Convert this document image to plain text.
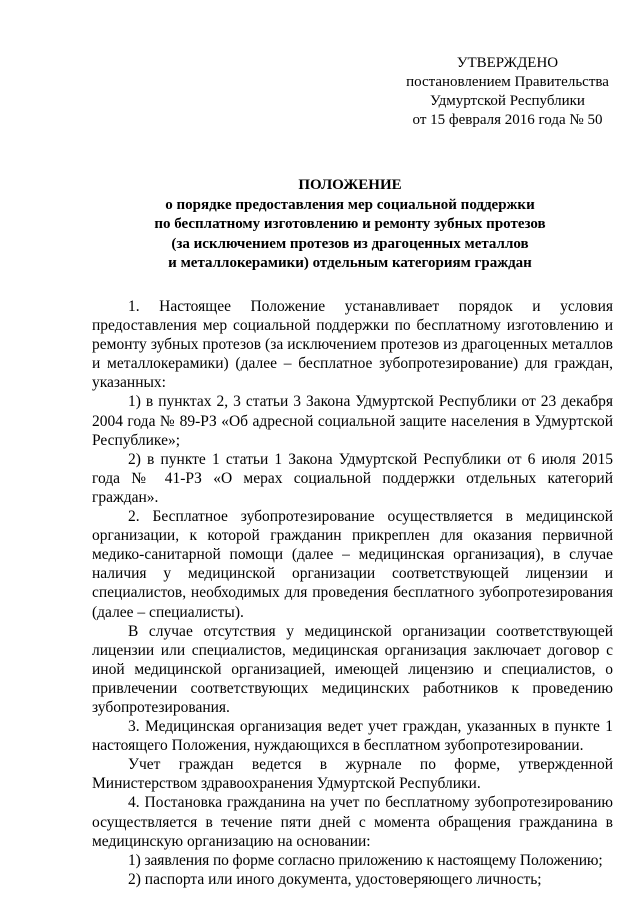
УТВЕРЖДЕНО
постановлением Правительства
Удмуртской Республики
от 15 февраля 2016 года № 50
ПОЛОЖЕНИЕ
о порядке предоставления мер социальной поддержки
по бесплатному изготовлению и ремонту зубных протезов
(за исключением протезов из драгоценных металлов
и металлокерамики) отдельным категориям граждан

1. Настоящее Положение устанавливает порядок и условия предоставления мер социальной поддержки по бесплатному изготовлению и ремонту зубных протезов (за исключением протезов из драгоценных металлов и металлокерамики) (далее – бесплатное зубопротезирование) для граждан, указанных:

1) в пунктах 2, 3 статьи 3 Закона Удмуртской Республики от 23 декабря 2004 года № 89-РЗ «Об адресной социальной защите населения в Удмуртской Республике»;

2) в пункте 1 статьи 1 Закона Удмуртской Республики от 6 июля 2015 года № 41-РЗ «О мерах социальной поддержки отдельных категорий граждан».

2. Бесплатное зубопротезирование осуществляется в медицинской организации, к которой гражданин прикреплен для оказания первичной медико-санитарной помощи (далее – медицинская организация), в случае наличия у медицинской организации соответствующей лицензии и специалистов, необходимых для проведения бесплатного зубопротезирования (далее – специалисты).

В случае отсутствия у медицинской организации соответствующей лицензии или специалистов, медицинская организация заключает договор с иной медицинской организацией, имеющей лицензию и специалистов, о привлечении соответствующих медицинских работников к проведению зубопротезирования.

3. Медицинская организация ведет учет граждан, указанных в пункте 1 настоящего Положения, нуждающихся в бесплатном зубопротезировании.

Учет граждан ведется в журнале по форме, утвержденной Министерством здравоохранения Удмуртской Республики.

4. Постановка гражданина на учет по бесплатному зубопротезированию осуществляется в течение пяти дней с момента обращения гражданина в медицинскую организацию на основании:

1) заявления по форме согласно приложению к настоящему Положению;

2) паспорта или иного документа, удостоверяющего личность;
